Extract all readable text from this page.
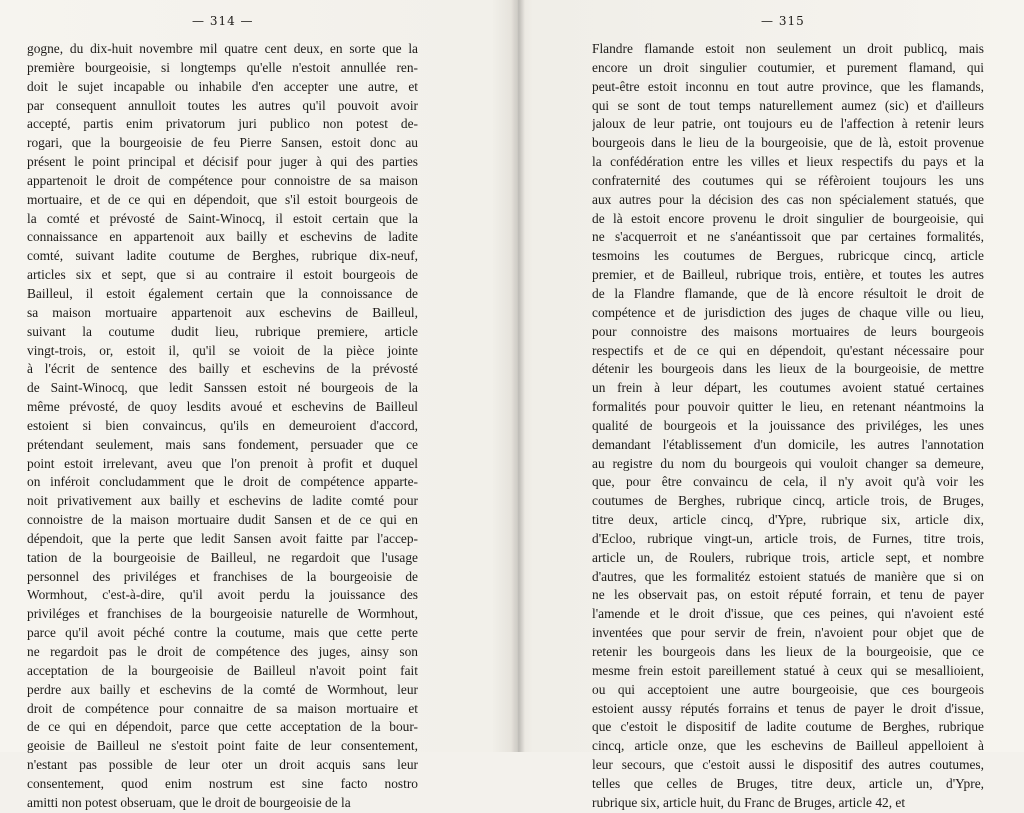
— 314 —
gogne, du dix-huit novembre mil quatre cent deux, en sorte que la
première bourgeoisie, si longtemps qu'elle n'estoit annullée ren-
doit le sujet incapable ou inhabile d'en accepter une autre, et
par consequent annulloit toutes les autres qu'il pouvoit avoir
accepté, partis enim privatorum juri publico non potest de-
rogari, que la bourgeoisie de feu Pierre Sansen, estoit donc au
présent le point principal et décisif pour juger à qui des parties
appartenoit le droit de compétence pour connoistre de sa maison
mortuaire, et de ce qui en dépendoit, que s'il estoit bourgeois de
la comté et prévosté de Saint-Winocq, il estoit certain que la
connaissance en appartenoit aux bailly et eschevins de ladite
comté, suivant ladite coutume de Berghes, rubrique dix-neuf,
articles six et sept, que si au contraire il estoit bourgeois de
Bailleul, il estoit également certain que la connoissance de
sa maison mortuaire appartenoit aux eschevins de Bailleul,
suivant la coutume dudit lieu, rubrique premiere, article
vingt-trois, or, estoit il, qu'il se voioit de la pièce jointe
à l'écrit de sentence des bailly et eschevins de la prévosté
de Saint-Winocq, que ledit Sanssen estoit né bourgeois de la
même prévosté, de quoy lesdits avoué et eschevins de Bailleul
estoient si bien convaincus, qu'ils en demeuroient d'accord,
prétendant seulement, mais sans fondement, persuader que ce
point estoit irrelevant, aveu que l'on prenoit à profit et duquel
on inféroit concludamment que le droit de compétence apparte-
noit privativement aux bailly et eschevins de ladite comté pour
connoistre de la maison mortuaire dudit Sansen et de ce qui en
dépendoit, que la perte que ledit Sansen avoit faitte par l'accep-
tation de la bourgeoisie de Bailleul, ne regardoit que l'usage
personnel des priviléges et franchises de la bourgeoisie de
Wormhout, c'est-à-dire, qu'il avoit perdu la jouissance des
priviléges et franchises de la bourgeoisie naturelle de Wormhout,
parce qu'il avoit péché contre la coutume, mais que cette perte
ne regardoit pas le droit de compétence des juges, ainsy son
acceptation de la bourgeoisie de Bailleul n'avoit point fait
perdre aux bailly et eschevins de la comté de Wormhout, leur
droit de compétence pour connaitre de sa maison mortuaire et
de ce qui en dépendoit, parce que cette acceptation de la bour-
geoisie de Bailleul ne s'estoit point faite de leur consentement,
n'estant pas possible de leur oter un droit acquis sans leur
consentement, quod enim nostrum est sine facto nostro
amitti non potest obseruam, que le droit de bourgeoisie de la
— 315
Flandre flamande estoit non seulement un droit publicq, mais
encore un droit singulier coutumier, et purement flamand, qui
peut-être estoit inconnu en tout autre province, que les flamands,
qui se sont de tout temps naturellement aumez (sic) et d'ailleurs
jaloux de leur patrie, ont toujours eu de l'affection à retenir leurs
bourgeois dans le lieu de la bourgeoisie, que de là, estoit provenue
la confédération entre les villes et lieux respectifs du pays et la
confraternité des coutumes qui se réfèroient toujours les uns
aux autres pour la décision des cas non spécialement statués, que
de là estoit encore provenu le droit singulier de bourgeoisie, qui
ne s'acquerroit et ne s'anéantissoit que par certaines formalités,
tesmoins les coutumes de Bergues, rubricque cincq, article
premier, et de Bailleul, rubrique trois, entière, et toutes les autres
de la Flandre flamande, que de là encore résultoit le droit de
compétence et de jurisdiction des juges de chaque ville ou lieu,
pour connoistre des maisons mortuaires de leurs bourgeois
respectifs et de ce qui en dépendoit, qu'estant nécessaire pour
détenir les bourgeois dans les lieux de la bourgeoisie, de mettre
un frein à leur départ, les coutumes avoient statué certaines
formalités pour pouvoir quitter le lieu, en retenant néantmoins la
qualité de bourgeois et la jouissance des priviléges, les unes
demandant l'établissement d'un domicile, les autres l'annotation
au registre du nom du bourgeois qui vouloit changer sa demeure,
que, pour être convaincu de cela, il n'y avoit qu'à voir les
coutumes de Berghes, rubrique cincq, article trois, de Bruges,
titre deux, article cincq, d'Ypre, rubrique six, article dix,
d'Ecloo, rubrique vingt-un, article trois, de Furnes, titre trois,
article un, de Roulers, rubrique trois, article sept, et nombre
d'autres, que les formalitéz estoient statués de manière que si on
ne les observait pas, on estoit réputé forrain, et tenu de payer
l'amende et le droit d'issue, que ces peines, qui n'avoient esté
inventées que pour servir de frein, n'avoient pour objet que de
retenir les bourgeois dans les lieux de la bourgeoisie, que ce
mesme frein estoit pareillement statué à ceux qui se mesallioient,
ou qui acceptoient une autre bourgeoisie, que ces bourgeois
estoient aussy réputés forrains et tenus de payer le droit d'issue,
que c'estoit le dispositif de ladite coutume de Berghes, rubrique
cincq, article onze, que les eschevins de Bailleul appelloient à
leur secours, que c'estoit aussi le dispositif des autres coutumes,
telles que celles de Bruges, titre deux, article un, d'Ypre,
rubrique six, article huit, du Franc de Bruges, article 42, et
